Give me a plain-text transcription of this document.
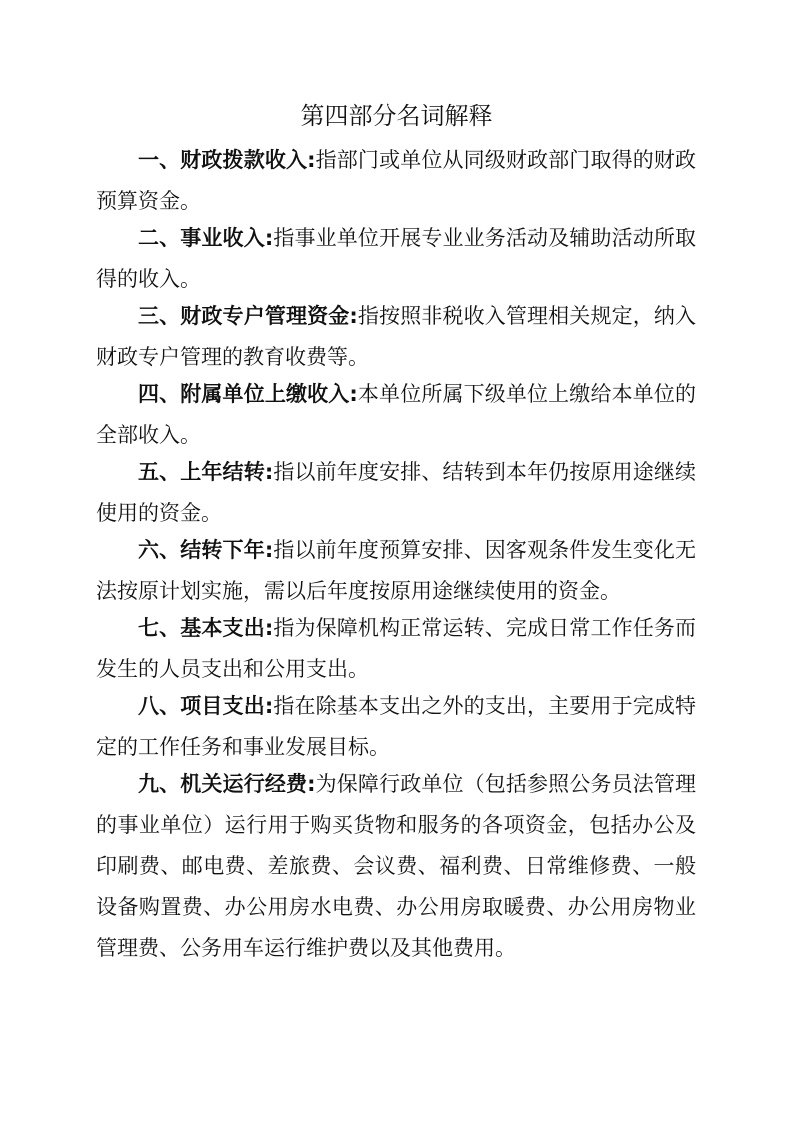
第四部分名词解释
一、财政拨款收入:指部门或单位从同级财政部门取得的财政预算资金。
二、事业收入:指事业单位开展专业业务活动及辅助活动所取得的收入。
三、财政专户管理资金:指按照非税收入管理相关规定，纳入财政专户管理的教育收费等。
四、附属单位上缴收入:本单位所属下级单位上缴给本单位的全部收入。
五、上年结转:指以前年度安排、结转到本年仍按原用途继续使用的资金。
六、结转下年:指以前年度预算安排、因客观条件发生变化无法按原计划实施，需以后年度按原用途继续使用的资金。
七、基本支出:指为保障机构正常运转、完成日常工作任务而发生的人员支出和公用支出。
八、项目支出:指在除基本支出之外的支出，主要用于完成特定的工作任务和事业发展目标。
九、机关运行经费:为保障行政单位（包括参照公务员法管理的事业单位）运行用于购买货物和服务的各项资金，包括办公及印刷费、邮电费、差旅费、会议费、福利费、日常维修费、一般设备购置费、办公用房水电费、办公用房取暖费、办公用房物业管理费、公务用车运行维护费以及其他费用。
